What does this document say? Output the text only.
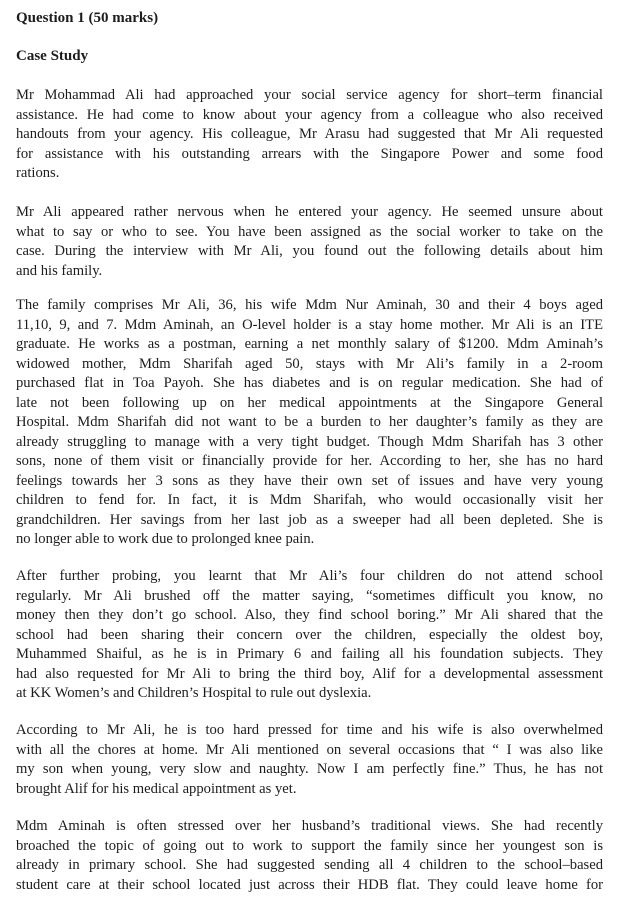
Question 1 (50 marks)
Case Study
Mr Mohammad Ali had approached your social service agency for short–term financial
assistance. He had come to know about your agency from a colleague who also received
handouts from your agency. His colleague, Mr Arasu had suggested that Mr Ali requested
for assistance with his outstanding arrears with the Singapore Power and some food
rations.
Mr Ali appeared rather nervous when he entered your agency. He seemed unsure about
what to say or who to see. You have been assigned as the social worker to take on the
case. During the interview with Mr Ali, you found out the following details about him
and his family.
The family comprises Mr Ali, 36, his wife Mdm Nur Aminah, 30 and their 4 boys aged
11,10, 9, and 7. Mdm Aminah, an O-level holder is a stay home mother. Mr Ali is an ITE
graduate. He works as a postman, earning a net monthly salary of $1200. Mdm Aminah’s
widowed mother, Mdm Sharifah aged 50, stays with Mr Ali’s family in a 2-room
purchased flat in Toa Payoh. She has diabetes and is on regular medication. She had of
late not been following up on her medical appointments at the Singapore General
Hospital. Mdm Sharifah did not want to be a burden to her daughter’s family as they are
already struggling to manage with a very tight budget. Though Mdm Sharifah has 3 other
sons, none of them visit or financially provide for her. According to her, she has no hard
feelings towards her 3 sons as they have their own set of issues and have very young
children to fend for. In fact, it is Mdm Sharifah, who would occasionally visit her
grandchildren. Her savings from her last job as a sweeper had all been depleted. She is
no longer able to work due to prolonged knee pain.
After further probing, you learnt that Mr Ali’s four children do not attend school
regularly. Mr Ali brushed off the matter saying, “sometimes difficult you know, no
money then they don’t go school. Also, they find school boring.” Mr Ali shared that the
school had been sharing their concern over the children, especially the oldest boy,
Muhammed Shaiful, as he is in Primary 6 and failing all his foundation subjects. They
had also requested for Mr Ali to bring the third boy, Alif for a developmental assessment
at KK Women’s and Children’s Hospital to rule out dyslexia.
According to Mr Ali, he is too hard pressed for time and his wife is also overwhelmed
with all the chores at home. Mr Ali mentioned on several occasions that “ I was also like
my son when young, very slow and naughty. Now I am perfectly fine.” Thus, he has not
brought Alif for his medical appointment as yet.
Mdm Aminah is often stressed over her husband’s traditional views. She had recently
broached the topic of going out to work to support the family since her youngest son is
already in primary school. She had suggested sending all 4 children to the school–based
student care at their school located just across their HDB flat. They could leave home for
